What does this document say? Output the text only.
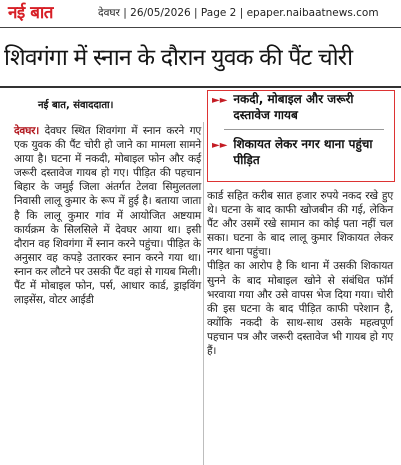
नई बात	देवघर | 26/05/2026 | Page 2 | epaper.naibaatnews.com
शिवगंगा में स्नान के दौरान युवक की पैंट चोरी
नई बात, संवाददाता।	►► नकदी, मोबाइल और जरूरी दस्तावेज गायब
►► शिकायत लेकर नगर थाना पहुंचा पीड़ित

देवघर। देवघर स्थित शिवगंगा में स्नान करने गए एक युवक की पैंट चोरी हो जाने का मामला सामने आया है। घटना में नकदी, मोबाइल फोन और कई जरूरी दस्तावेज गायब हो गए। पीड़ित की पहचान बिहार के जमुई जिला अंतर्गत टेलवा सिमुलतला निवासी लालू कुमार के रूप में हुई है। बताया जाता है कि लालू कुमार गांव में आयोजित अष्टयाम कार्यक्रम के सिलसिले में देवघर आया था। इसी दौरान वह शिवगंगा में स्नान करने पहुंचा। पीड़ित के अनुसार वह कपड़े उतारकर स्नान करने गया था। स्नान कर लौटने पर उसकी पैंट वहां से गायब मिली। पैंट में मोबाइल फोन, पर्स, आधार कार्ड, ड्राइविंग लाइसेंस, वोटर आईडी

कार्ड सहित करीब सात हजार रुपये नकद रखे हुए थे। घटना के बाद काफी खोजबीन की गई, लेकिन पैंट और उसमें रखे सामान का कोई पता नहीं चल सका। घटना के बाद लालू कुमार शिकायत लेकर नगर थाना पहुंचा।

पीड़ित का आरोप है कि थाना में उसकी शिकायत सुनने के बाद मोबाइल खोने से संबंधित फॉर्म भरवाया गया और उसे वापस भेज दिया गया। चोरी की इस घटना के बाद पीड़ित काफी परेशान है, क्योंकि नकदी के साथ-साथ उसके महत्वपूर्ण पहचान पत्र और जरूरी दस्तावेज भी गायब हो गए हैं।
